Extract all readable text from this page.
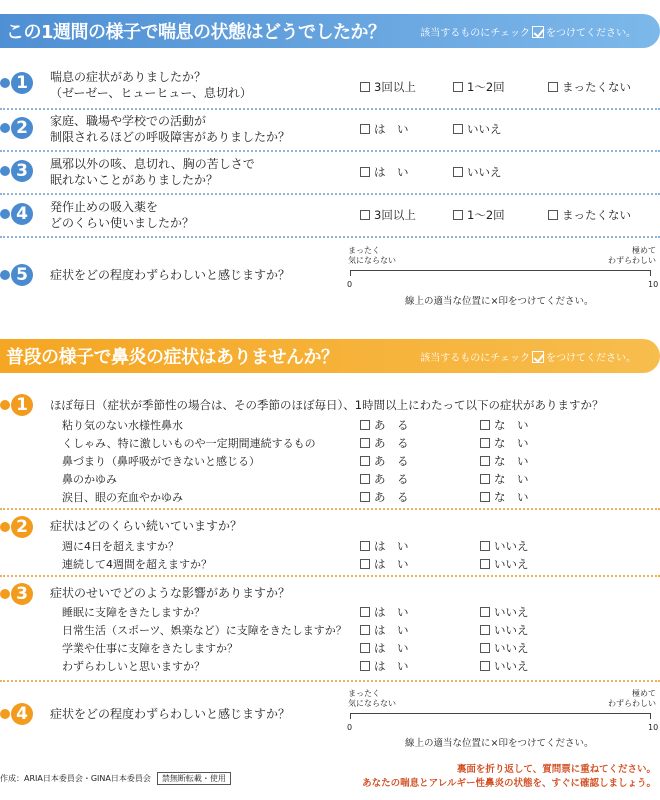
この1週間の様子で喘息の状態はどうでしたか？	該当するものにチェック をつけてください。
1	喘息の症状がありましたか？
（ゼーゼー、ヒューヒュー、息切れ）	3回以上	1～2回	まったくない
2	家庭、職場や学校での活動が
制限されるほどの呼吸障害がありましたか？
は　い	いいえ
3	風邪以外の咳、息切れ、胸の苦しさで
眠れないことがありましたか？
は　い	いいえ
4	発作止めの吸入薬を
どのくらい使いましたか？
3回以上	1～2回	まったくない
5	症状をどの程度わずらわしいと感じますか？
まったく
気にならない
極めて
わずらわしい
0	10
線上の適当な位置に×印をつけてください。
普段の様子で鼻炎の症状はありませんか？	該当するものにチェック をつけてください。
1	ほぼ毎日（症状が季節性の場合は、その季節のほぼ毎日）、1時間以上にわたって以下の症状がありますか？
粘り気のない水様性鼻水	あ　る	な　い
くしゃみ、特に激しいものや一定期間連続するもの	あ　る	な　い
鼻づまり（鼻呼吸ができないと感じる）	あ　る	な　い
鼻のかゆみ	あ　る	な　い
涙目、眼の充血やかゆみ	あ　る	な　い
2	症状はどのくらい続いていますか？
週に4日を超えますか？	は　い	いいえ
連続して4週間を超えますか？	は　い	いいえ
3	症状のせいでどのような影響がありますか？
睡眠に支障をきたしますか？	は　い	いいえ
日常生活（スポーツ、娯楽など）に支障をきたしますか？ は　い	いいえ
学業や仕事に支障をきたしますか？	は　い	いいえ
わずらわしいと思いますか？	は　い	いいえ
4	症状をどの程度わずらわしいと感じますか？
まったく
気にならない
極めて
わずらわしい
0	10
線上の適当な位置に×印をつけてください。
作成：ARIA日本委員会・GINA日本委員会	禁無断転載・使用
裏面を折り返して、質問票に重ねてください。
あなたの喘息とアレルギー性鼻炎の状態を、すぐに確認しましょう。
